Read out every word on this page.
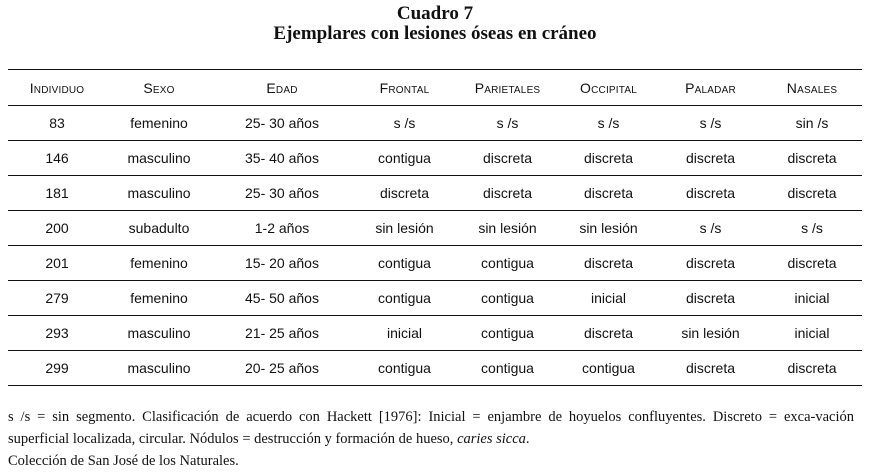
Cuadro 7
Ejemplares con lesiones óseas en cráneo
Individuo	Sexo	Edad	Frontal	Parietales	Occipital	Paladar	Nasales
83	femenino	25- 30 años	s /s	s /s	s /s	s /s	sin /s
146	masculino	35- 40 años	contigua	discreta	discreta	discreta	discreta
181	masculino	25- 30 años	discreta	discreta	discreta	discreta	discreta
200	subadulto	1-2 años	sin lesión	sin lesión	sin lesión	s /s	s /s
201	femenino	15- 20 años	contigua	contigua	discreta	discreta	discreta
279	femenino	45- 50 años	contigua	contigua	inicial	discreta	inicial
293	masculino	21- 25 años	inicial	contigua	discreta	sin lesión	inicial
299	masculino	20- 25 años	contigua	contigua	contigua	discreta	discreta

s /s = sin segmento. Clasificación de acuerdo con Hackett [1976]: Inicial = enjambre de hoyuelos confluyentes. Discreto = exca-vación superficial localizada, circular. Nódulos = destrucción y formación de hueso, caries sicca.

Colección de San José de los Naturales.
